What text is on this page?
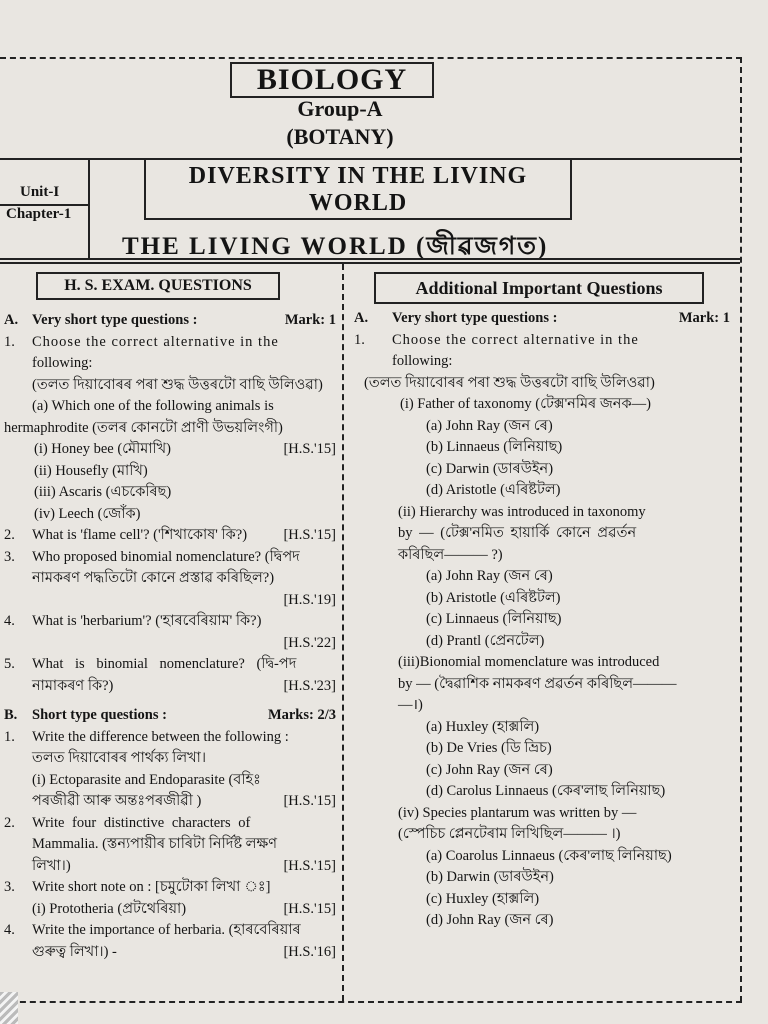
BIOLOGY
Group-A
(BOTANY)
Unit-I
Chapter-1
DIVERSITY IN THE LIVING
WORLD
THE LIVING WORLD (জীৱজগত)
H. S. EXAM. QUESTIONS	Additional Important Questions
A. Very short type questions :	Mark: 1
1. Choose the correct alternative in the
following:
(তলত দিয়াবোৰৰ পৰা শুদ্ধ উত্তৰটো বাছি উলিওৱা)
(a) Which one of the following animals is
hermaphrodite (তলৰ কোনটো প্ৰাণী উভয়লিংগী)
(i) Honey bee (মৌমাখি)	[H.S.'15]
(ii) Housefly (মাখি)
(iii) Ascaris (এচকেৰিছ)
(iv) Leech (জোঁক)
2. What is 'flame cell'? ('শিখাকোষ' কি?)	[H.S.'15]
3. Who proposed binomial nomenclature? (দ্বিপদ
নামকৰণ পদ্ধতিটো কোনে প্ৰস্তাৱ কৰিছিল?)
[H.S.'19]
4. What is 'herbarium'? ('হাৰবেৰিয়াম' কি?)
[H.S.'22]
5. What is binomial nomenclature? (দ্বি-পদ
নামাকৰণ কি?)	[H.S.'23]
B. Short type questions :	Marks: 2/3
1. Write the difference between the following :
তলত দিয়াবোৰৰ পাৰ্থক্য লিখা।
(i) Ectoparasite and Endoparasite (বহিঃ
পৰজীৱী আৰু অন্তঃপৰজীৱী )	[H.S.'15]
2. Write four distinctive characters of
Mammalia. (স্তন্যপায়ীৰ চাৰিটা নিৰ্দিষ্ট লক্ষণ
লিখা।)	[H.S.'15]
3. Write short note on : [চমুটোকা লিখা ঃ]
(i) Prototheria (প্ৰটথেৰিয়া)	[H.S.'15]
4. Write the importance of herbaria. (হাৰবেৰিয়াৰ
গুৰুত্ব লিখা।) -	[H.S.'16]
A. Very short type questions :	Mark: 1
1. Choose the correct alternative in the
following:
(তলত দিয়াবোৰৰ পৰা শুদ্ধ উত্তৰটো বাছি উলিওৱা)
(i) Father of taxonomy (টেক্স'নমিৰ জনক—)
(a) John Ray (জন ৰে)
(b) Linnaeus (লিনিয়াছ)
(c) Darwin (ডাৰউইন)
(d) Aristotle (এৰিষ্টটল)
(ii) Hierarchy was introduced in taxonomy
by — (টেক্স'নমিত হায়াৰ্কি কোনে প্ৰৱৰ্তন
কৰিছিল——— ?)
(a) John Ray (জন ৰে)
(b) Aristotle (এৰিষ্টটল)
(c) Linnaeus (লিনিয়াছ)
(d) Prantl (প্ৰেনটেল)
(iii)Bionomial momenclature was introduced
by — (দ্বৈৱাশিক নামকৰণ প্ৰৱৰ্তন কৰিছিল———
—।)
(a) Huxley (হাক্সলি)
(b) De Vries (ডি ভ্ৰিচ)
(c) John Ray (জন ৰে)
(d) Carolus Linnaeus (কেৰ'লাছ লিনিয়াছ)
(iv) Species plantarum was written by —
(স্পেচিচ প্লেনটেৰাম লিখিছিল——— ।)
(a) Coarolus Linnaeus (কেৰ'লাছ লিনিয়াছ)
(b) Darwin (ডাৰউইন)
(c) Huxley (হাক্সলি)
(d) John Ray (জন ৰে)
